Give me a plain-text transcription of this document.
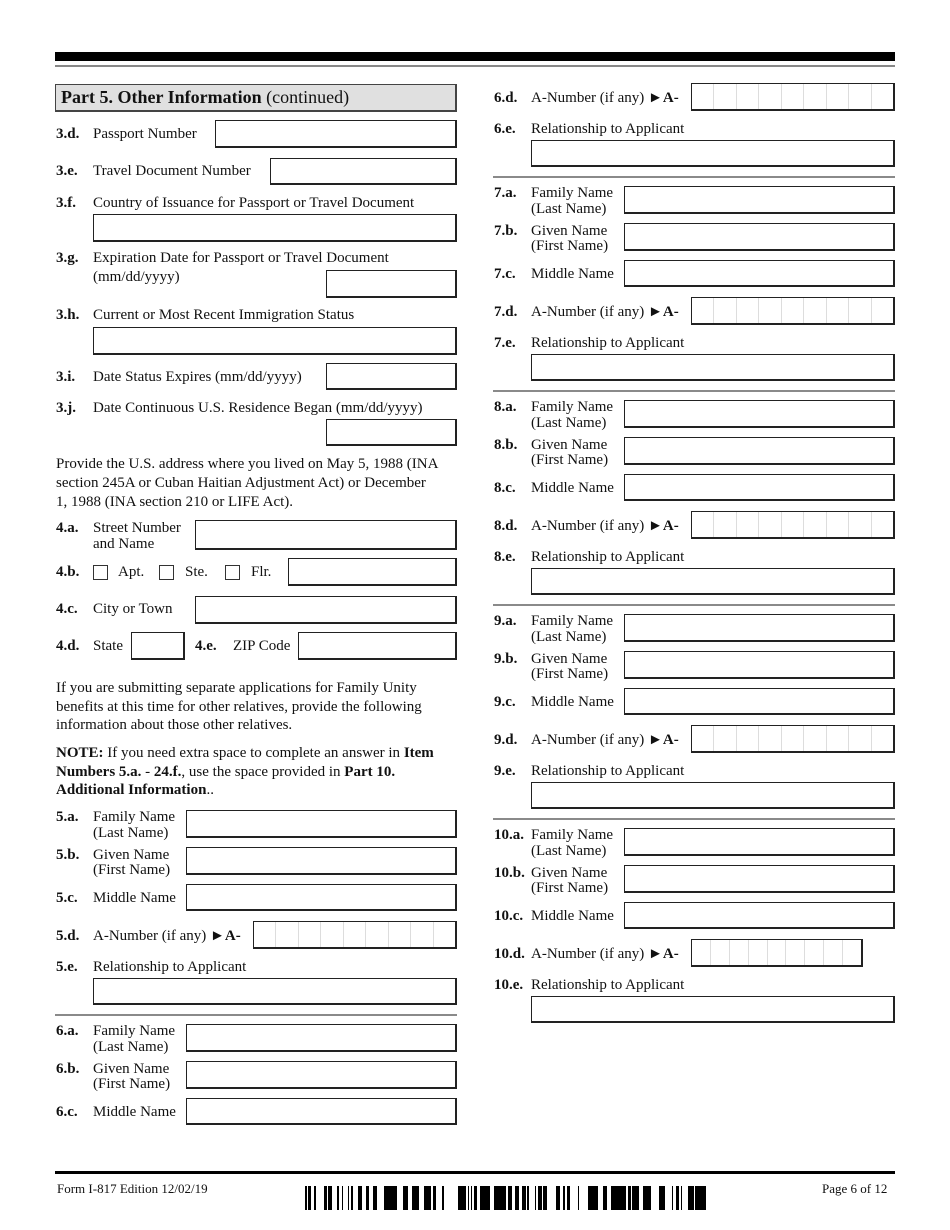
Part 5. Other Information (continued)
3.d. Passport Number
3.e. Travel Document Number
3.f. Country of Issuance for Passport or Travel Document
3.g. Expiration Date for Passport or Travel Document
(mm/dd/yyyy)
3.h. Current or Most Recent Immigration Status
3.i. Date Status Expires (mm/dd/yyyy)
3.j. Date Continuous U.S. Residence Began (mm/dd/yyyy)
Provide the U.S. address where you lived on May 5, 1988 (INA
section 245A or Cuban Haitian Adjustment Act) or December
1, 1988 (INA section 210 or LIFE Act).
4.a. Street Number
and Name
4.b.	Apt.	Ste.	Flr.
4.c. City or Town
4.d. State	4.e. ZIP Code
If you are submitting separate applications for Family Unity
benefits at this time for other relatives, provide the following
information about those other relatives.
NOTE: If you need extra space to complete an answer in Item
Numbers 5.a. - 24.f., use the space provided in Part 10.
Additional Information..
5.a. Family Name
(Last Name)
5.b. Given Name
(First Name)
5.c. Middle Name
5.d. A-Number (if any) ►A-
5.e. Relationship to Applicant
6.a. Family Name
(Last Name)
6.b. Given Name
(First Name)
6.c. Middle Name
6.d. A-Number (if any) ►A-
6.e. Relationship to Applicant
7.a. Family Name
(Last Name)
7.b. Given Name
(First Name)
7.c. Middle Name
7.d. A-Number (if any) ►A-
7.e. Relationship to Applicant
8.a. Family Name
(Last Name)
8.b. Given Name
(First Name)
8.c. Middle Name
8.d. A-Number (if any) ►A-
8.e. Relationship to Applicant
9.a. Family Name
(Last Name)
9.b. Given Name
(First Name)
9.c. Middle Name
9.d. A-Number (if any) ►A-
9.e. Relationship to Applicant
10.a. Family Name
(Last Name)
10.b. Given Name
(First Name)
10.c. Middle Name
10.d. A-Number (if any) ►A-
10.e. Relationship to Applicant
Form I-817 Edition 12/02/19	Page 6 of 12
